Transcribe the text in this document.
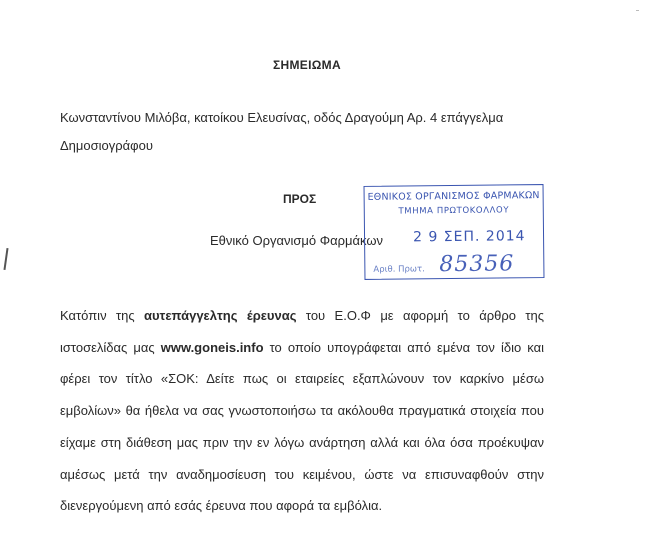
ΣΗΜΕΙΩΜΑ
Κωνσταντίνου Μιλόβα, κατοίκου Ελευσίνας, οδός Δραγούμη Αρ. 4 επάγγελμα Δημοσιογράφου
ΠΡΟΣ
Εθνικό Οργανισμό Φαρμάκων
ΕΘΝΙΚΟΣ ΟΡΓΑΝΙΣΜΟΣ ΦΑΡΜΑΚΩΝ
ΤΜΗΜΑ ΠΡΩΤΟΚΟΛΛΟΥ
2 9 ΣΕΠ. 2014
Αριθ. Πρωτ. 85356

Κατόπιν της αυτεπάγγελτης έρευνας του Ε.Ο.Φ με αφορμή το άρθρο της ιστοσελίδας μας www.goneis.info το οποίο υπογράφεται από εμένα τον ίδιο και φέρει τον τίτλο «ΣΟΚ: Δείτε πως οι εταιρείες εξαπλώνουν τον καρκίνο μέσω εμβολίων» θα ήθελα να σας γνωστοποιήσω τα ακόλουθα πραγματικά στοιχεία που είχαμε στη διάθεση μας πριν την εν λόγω ανάρτηση αλλά και όλα όσα προέκυψαν αμέσως μετά την αναδημοσίευση του κειμένου, ώστε να επισυναφθούν στην διενεργούμενη από εσάς έρευνα που αφορά τα εμβόλια.
